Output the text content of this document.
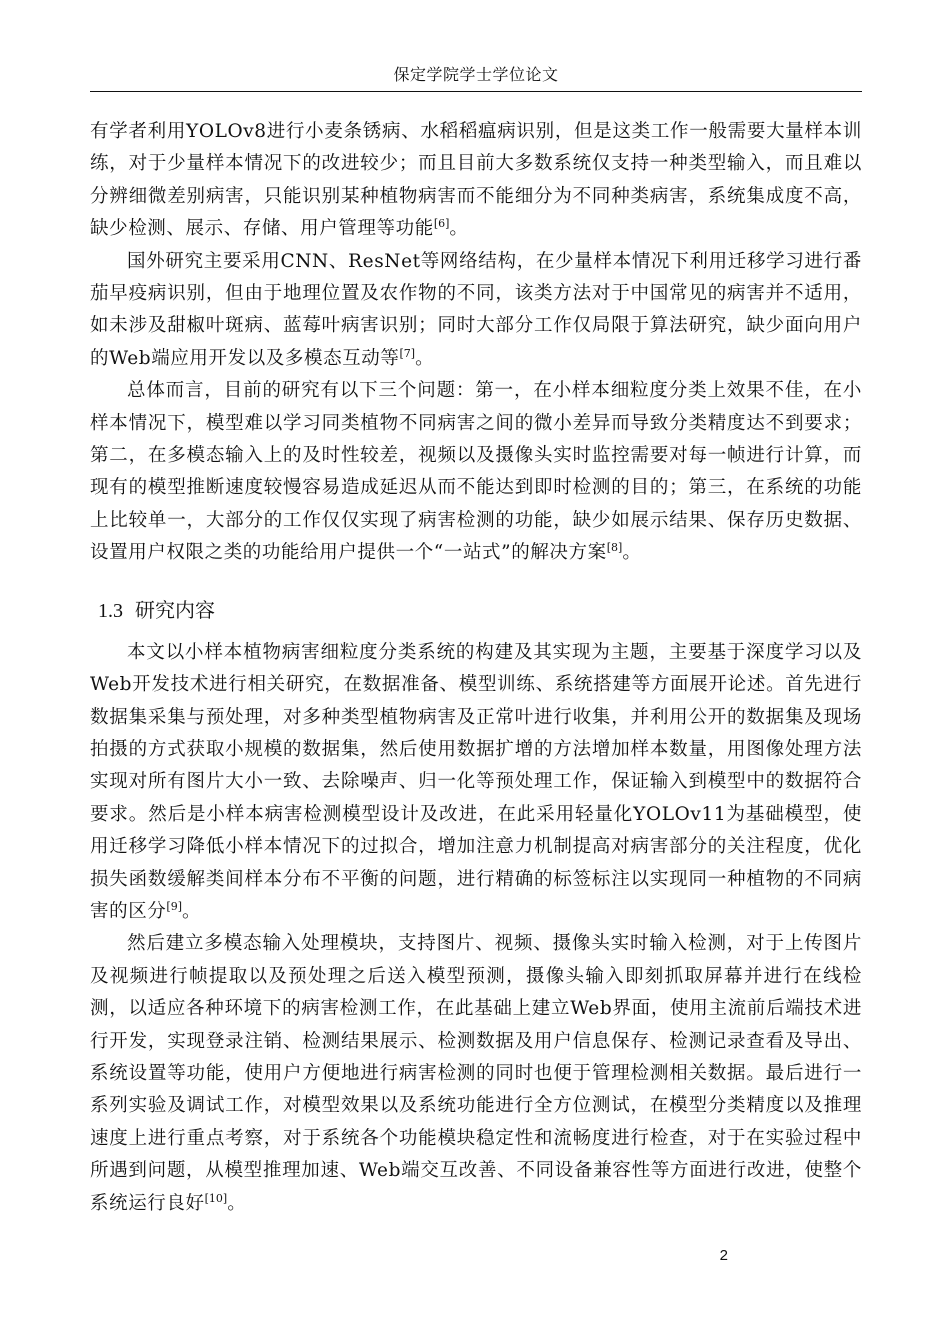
保定学院学士学位论文

有学者利用YOLOv8进行小麦条锈病、水稻稻瘟病识别，但是这类工作一般需要大量样本训练，对于少量样本情况下的改进较少；而且目前大多数系统仅支持一种类型输入，而且难以分辨细微差别病害，只能识别某种植物病害而不能细分为不同种类病害，系统集成度不高，缺少检测、展示、存储、用户管理等功能[6]。

国外研究主要采用CNN、ResNet等网络结构，在少量样本情况下利用迁移学习进行番茄早疫病识别，但由于地理位置及农作物的不同，该类方法对于中国常见的病害并不适用，如未涉及甜椒叶斑病、蓝莓叶病害识别；同时大部分工作仅局限于算法研究，缺少面向用户的Web端应用开发以及多模态互动等[7]。

总体而言，目前的研究有以下三个问题：第一，在小样本细粒度分类上效果不佳，在小样本情况下，模型难以学习同类植物不同病害之间的微小差异而导致分类精度达不到要求；第二，在多模态输入上的及时性较差，视频以及摄像头实时监控需要对每一帧进行计算，而现有的模型推断速度较慢容易造成延迟从而不能达到即时检测的目的；第三，在系统的功能上比较单一，大部分的工作仅仅实现了病害检测的功能，缺少如展示结果、保存历史数据、设置用户权限之类的功能给用户提供一个“一站式”的解决方案[8]。

1.3 研究内容

本文以小样本植物病害细粒度分类系统的构建及其实现为主题，主要基于深度学习以及Web开发技术进行相关研究，在数据准备、模型训练、系统搭建等方面展开论述。首先进行数据集采集与预处理，对多种类型植物病害及正常叶进行收集，并利用公开的数据集及现场拍摄的方式获取小规模的数据集，然后使用数据扩增的方法增加样本数量，用图像处理方法实现对所有图片大小一致、去除噪声、归一化等预处理工作，保证输入到模型中的数据符合要求。然后是小样本病害检测模型设计及改进，在此采用轻量化YOLOv11为基础模型，使用迁移学习降低小样本情况下的过拟合，增加注意力机制提高对病害部分的关注程度，优化损失函数缓解类间样本分布不平衡的问题，进行精确的标签标注以实现同一种植物的不同病害的区分[9]。

然后建立多模态输入处理模块，支持图片、视频、摄像头实时输入检测，对于上传图片及视频进行帧提取以及预处理之后送入模型预测，摄像头输入即刻抓取屏幕并进行在线检测，以适应各种环境下的病害检测工作，在此基础上建立Web界面，使用主流前后端技术进行开发，实现登录注销、检测结果展示、检测数据及用户信息保存、检测记录查看及导出、系统设置等功能，使用户方便地进行病害检测的同时也便于管理检测相关数据。最后进行一系列实验及调试工作，对模型效果以及系统功能进行全方位测试，在模型分类精度以及推理速度上进行重点考察，对于系统各个功能模块稳定性和流畅度进行检查，对于在实验过程中所遇到问题，从模型推理加速、Web端交互改善、不同设备兼容性等方面进行改进，使整个系统运行良好[10]。

2
